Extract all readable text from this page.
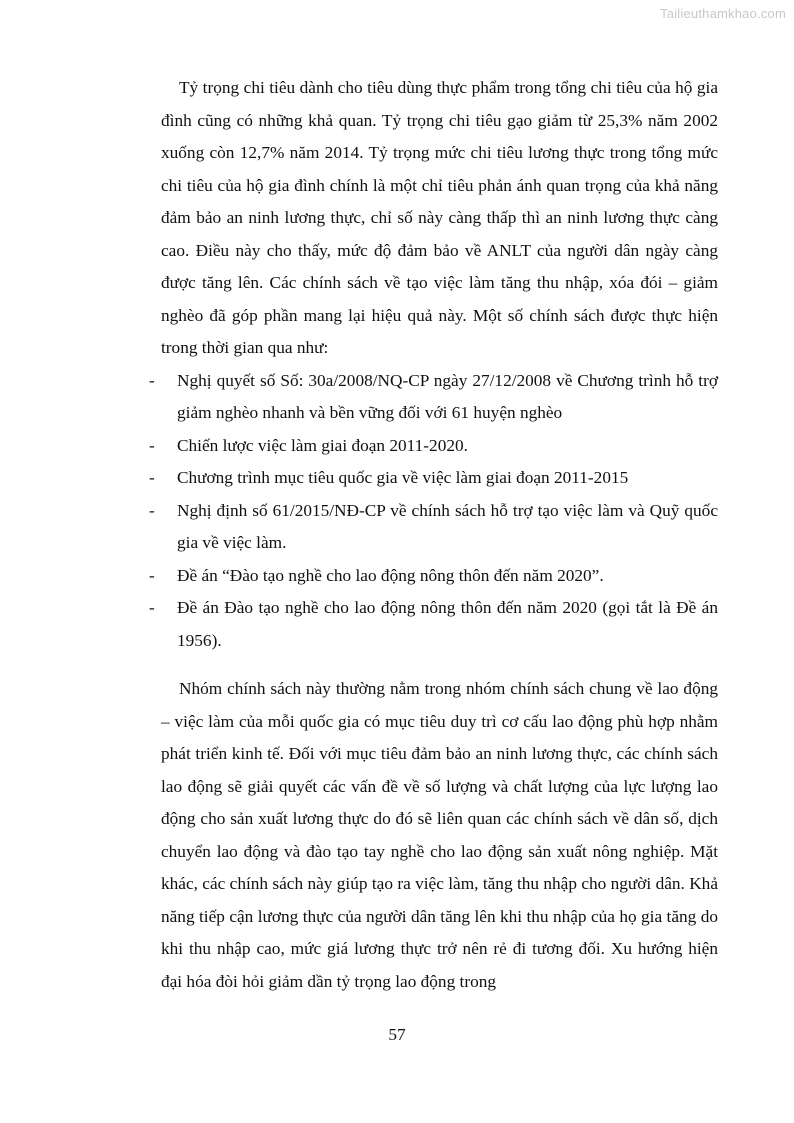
Tailieuthamkhao.com

Tỷ trọng chi tiêu dành cho tiêu dùng thực phẩm trong tổng chi tiêu của hộ gia đình cũng có những khả quan. Tỷ trọng chi tiêu gạo giảm từ 25,3% năm 2002 xuống còn 12,7% năm 2014. Tỷ trọng mức chi tiêu lương thực trong tổng mức chi tiêu của hộ gia đình chính là một chỉ tiêu phản ánh quan trọng của khả năng đảm bảo an ninh lương thực, chỉ số này càng thấp thì an ninh lương thực càng cao. Điều này cho thấy, mức độ đảm bảo về ANLT của người dân ngày càng được tăng lên. Các chính sách về tạo việc làm tăng thu nhập, xóa đói – giảm nghèo đã góp phần mang lại hiệu quả này. Một số chính sách được thực hiện trong thời gian qua như:

- Nghị quyết số Số: 30a/2008/NQ-CP ngày 27/12/2008 về Chương trình hỗ trợ giảm nghèo nhanh và bền vững đối với 61 huyện nghèo
- Chiến lược việc làm giai đoạn 2011-2020.
- Chương trình mục tiêu quốc gia về việc làm giai đoạn 2011-2015
- Nghị định số 61/2015/NĐ-CP về chính sách hỗ trợ tạo việc làm và Quỹ quốc gia về việc làm.
- Đề án “Đào tạo nghề cho lao động nông thôn đến năm 2020”.
- Đề án Đào tạo nghề cho lao động nông thôn đến năm 2020 (gọi tắt là Đề án 1956).

Nhóm chính sách này thường nằm trong nhóm chính sách chung về lao động – việc làm của mỗi quốc gia có mục tiêu duy trì cơ cấu lao động phù hợp nhằm phát triển kinh tế. Đối với mục tiêu đảm bảo an ninh lương thực, các chính sách lao động sẽ giải quyết các vấn đề về số lượng và chất lượng của lực lượng lao động cho sản xuất lương thực do đó sẽ liên quan các chính sách về dân số, dịch chuyển lao động và đào tạo tay nghề cho lao động sản xuất nông nghiệp. Mặt khác, các chính sách này giúp tạo ra việc làm, tăng thu nhập cho người dân. Khả năng tiếp cận lương thực của người dân tăng lên khi thu nhập của họ gia tăng do khi thu nhập cao, mức giá lương thực trở nên rẻ đi tương đối. Xu hướng hiện đại hóa đòi hỏi giảm dần tỷ trọng lao động trong

57
